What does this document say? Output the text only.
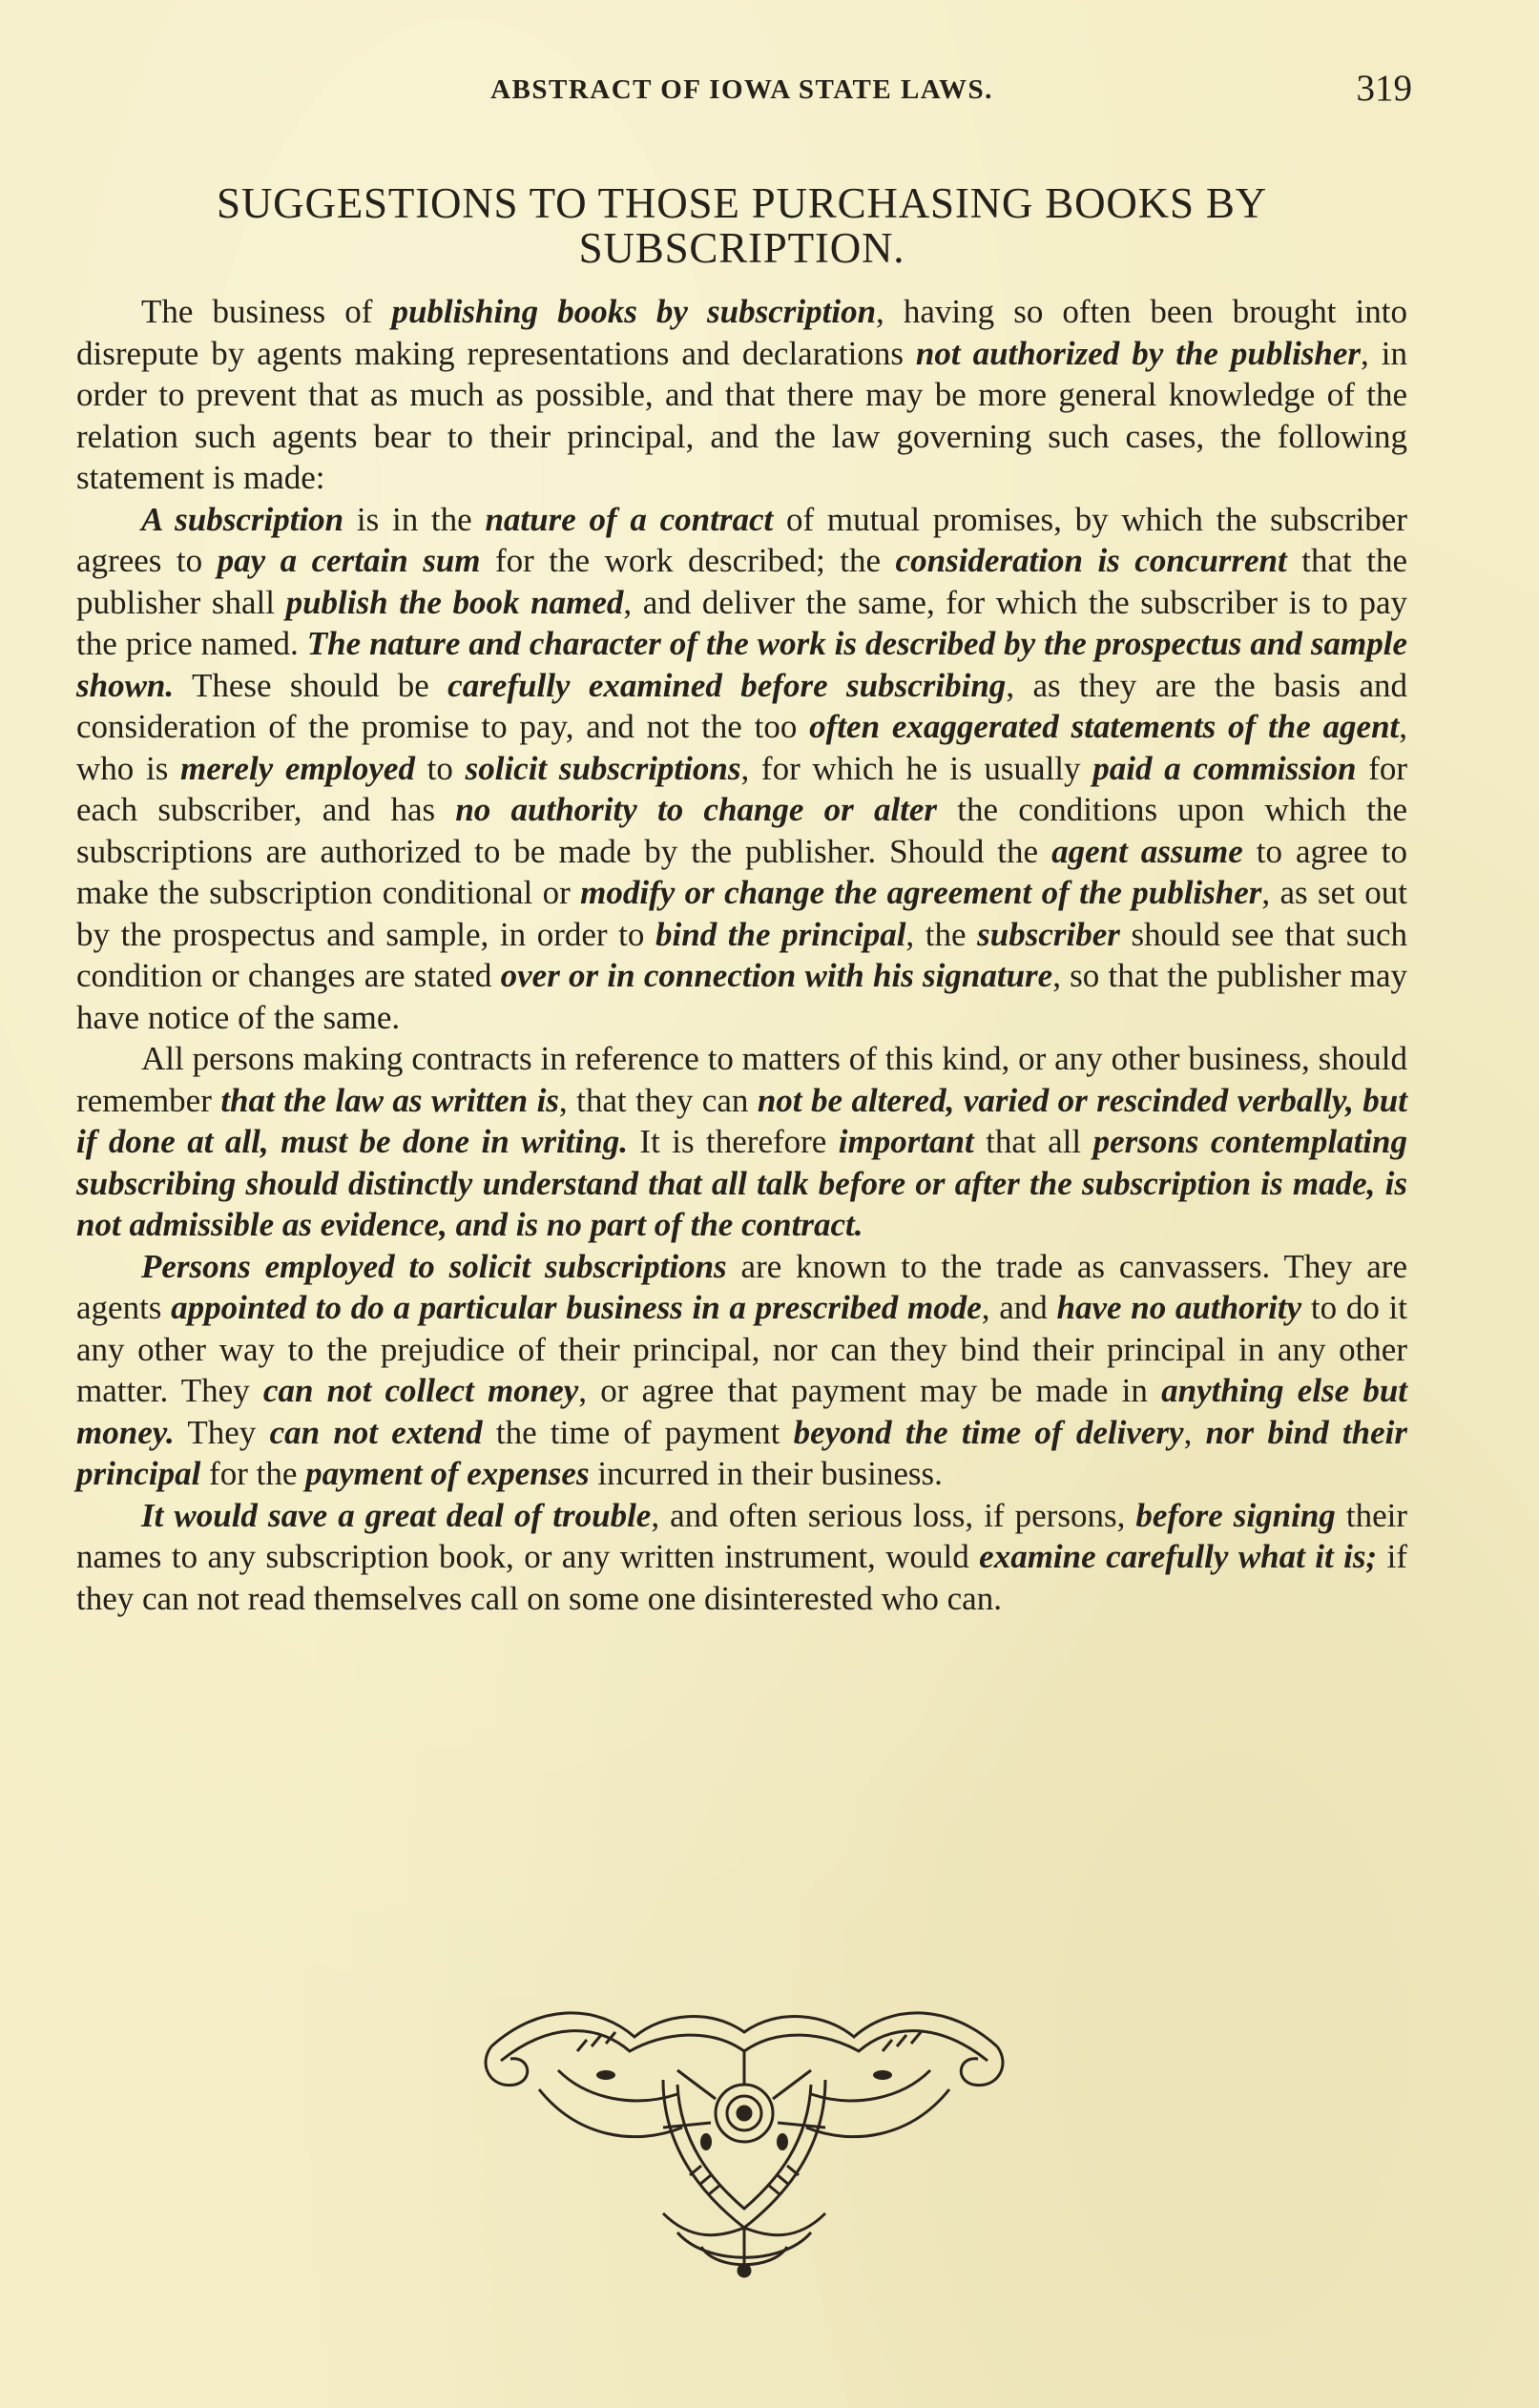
ABSTRACT OF IOWA STATE LAWS.	319
SUGGESTIONS TO THOSE PURCHASING BOOKS BY SUBSCRIPTION.

The business of publishing books by subscription, having so often been brought into disrepute by agents making representations and declarations not authorized by the publisher, in order to prevent that as much as possible, and that there may be more general knowledge of the relation such agents bear to their principal, and the law governing such cases, the following statement is made:

A subscription is in the nature of a contract of mutual promises, by which the subscriber agrees to pay a certain sum for the work described; the consideration is concurrent that the publisher shall publish the book named, and deliver the same, for which the subscriber is to pay the price named. The nature and character of the work is described by the prospectus and sample shown. These should be carefully examined before subscribing, as they are the basis and consideration of the promise to pay, and not the too often exaggerated statements of the agent, who is merely employed to solicit subscriptions, for which he is usually paid a commission for each subscriber, and has no authority to change or alter the conditions upon which the subscriptions are authorized to be made by the publisher. Should the agent assume to agree to make the subscription conditional or modify or change the agreement of the publisher, as set out by the prospectus and sample, in order to bind the principal, the subscriber should see that such condition or changes are stated over or in connection with his signature, so that the publisher may have notice of the same.

All persons making contracts in reference to matters of this kind, or any other business, should remember that the law as written is, that they can not be altered, varied or rescinded verbally, but if done at all, must be done in writing. It is therefore important that all persons contemplating subscribing should distinctly understand that all talk before or after the subscription is made, is not admissible as evidence, and is no part of the contract.

Persons employed to solicit subscriptions are known to the trade as canvassers. They are agents appointed to do a particular business in a prescribed mode, and have no authority to do it any other way to the prejudice of their principal, nor can they bind their principal in any other matter. They can not collect money, or agree that payment may be made in anything else but money. They can not extend the time of payment beyond the time of delivery, nor bind their principal for the payment of expenses incurred in their business.

It would save a great deal of trouble, and often serious loss, if persons, before signing their names to any subscription book, or any written instrument, would examine carefully what it is; if they can not read themselves call on some one disinterested who can.
